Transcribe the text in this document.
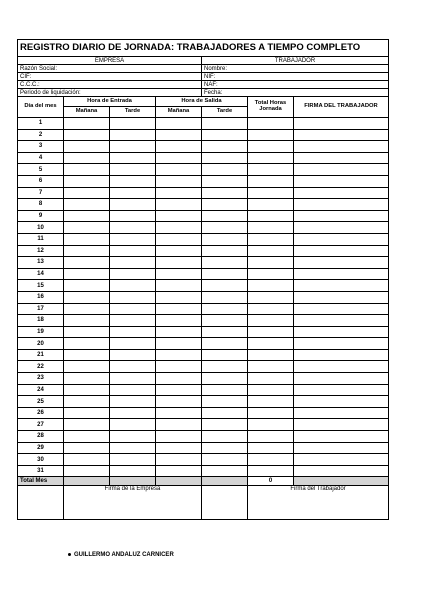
REGISTRO DIARIO DE JORNADA: TRABAJADORES A TIEMPO COMPLETO						
EMPRESA				TRABAJADOR		
Razón Social:				Nombre:		
CIF:				NIF:		
C.C.C.:				NAF:		
Periodo de liquidación:				Fecha:		
Día del mes	Hora de Entrada		Hora de Salida		Total Horas Jornada	FIRMA DEL TRABAJADOR
	Mañana	Tarde	Mañana	Tarde		
1						
2						
3						
4						
5						
6						
7						
8						
9						
10						
11						
12						
13						
14						
15						
16						
17						
18						
19						
20						
21						
22						
23						
24						
25						
26						
27						
28						
29						
30						
31						
Total Mes					0	
	Firma de la Empresa				Firma del Trabajador	
GUILLERMO ANDALUZ CARNICER
